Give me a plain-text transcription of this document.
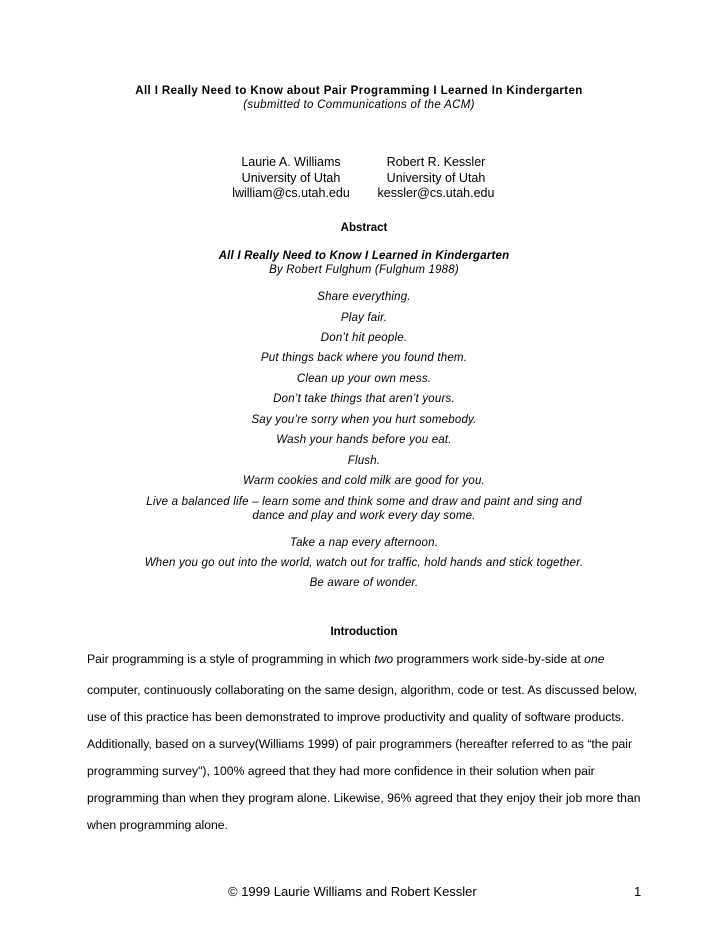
All I Really Need to Know about Pair Programming I Learned In Kindergarten
(submitted to Communications of the ACM)
Laurie A. Williams
University of Utah
lwilliam@cs.utah.edu
Robert R. Kessler
University of Utah
kessler@cs.utah.edu
Abstract
All I Really Need to Know I Learned in Kindergarten
By Robert Fulghum (Fulghum 1988)
Share everything.
Play fair.
Don’t hit people.
Put things back where you found them.
Clean up your own mess.
Don’t take things that aren’t yours.
Say you’re sorry when you hurt somebody.
Wash your hands before you eat.
Flush.
Warm cookies and cold milk are good for you.
Live a balanced life – learn some and think some and draw and paint and sing and
dance and play and work every day some.
Take a nap every afternoon.
When you go out into the world, watch out for traffic, hold hands and stick together.
Be aware of wonder.
Introduction
Pair programming is a style of programming in which two programmers work side-by-side at one
computer, continuously collaborating on the same design, algorithm, code or test. As discussed below,
use of this practice has been demonstrated to improve productivity and quality of software products.
Additionally, based on a survey(Williams 1999) of pair programmers (hereafter referred to as “the pair
programming survey"), 100% agreed that they had more confidence in their solution when pair
programming than when they program alone. Likewise, 96% agreed that they enjoy their job more than
when programming alone.
© 1999 Laurie Williams and Robert Kessler	1
